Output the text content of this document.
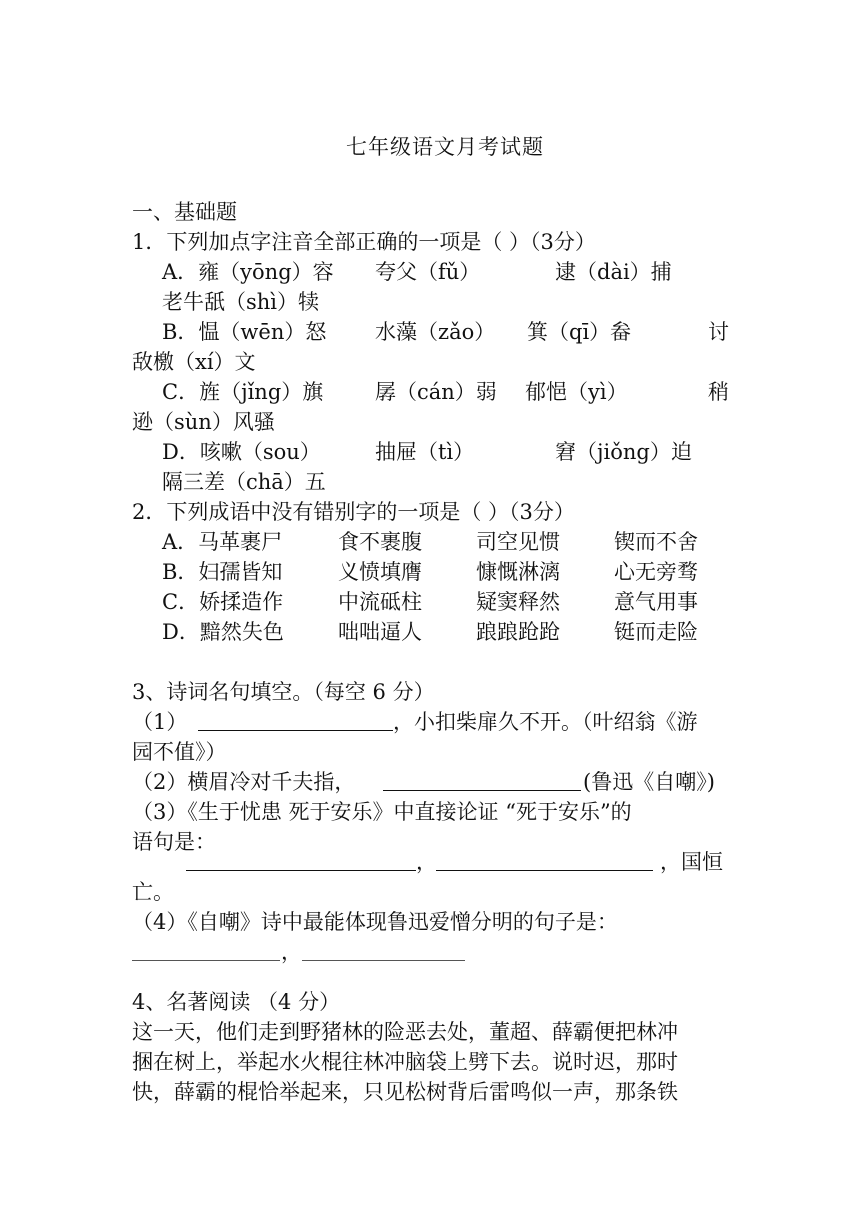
七年级语文月考试题
一、基础题
1．下列加点字注音全部正确的一项是（ ）（3分）
A．雍（yōng）容 夸父（fǔ）	逮（dài）捕
老牛舐（shì）犊
B．愠（wēn）怒 水藻（zǎo） 箕（qī）畚	讨
敌檄（xí）文
C．旌（jǐng）旗 孱（cán）弱 郁悒（yì）	稍
逊（sùn）风骚
D．咳嗽（sou）	抽屉（tì）	窘（jiǒng）迫
隔三差（chā）五
2．下列成语中没有错别字的一项是（ ）（3分）
A．马革裹尸	食不裹腹	司空见惯	锲而不舍
B．妇孺皆知	义愤填膺	慷慨淋漓	心无旁骛
C．娇揉造作	中流砥柱	疑窦释然	意气用事
D．黯然失色	咄咄逼人	踉踉跄跄	铤而走险
3、诗词名句填空。（每空 6 分）
（1）	，小扣柴扉久不开。（叶绍翁《游
园不值》）
（2）横眉冷对千夫指，	(鲁迅《自嘲》)
（3）《生于忧患 死于安乐》中直接论证 “死于安乐”的
语句是：
，	，国恒
亡。
（4）《自嘲》诗中最能体现鲁迅爱憎分明的句子是：
，
4、名著阅读 （4 分）
这一天，他们走到野猪林的险恶去处，董超、薛霸便把林冲
捆在树上，举起水火棍往林冲脑袋上劈下去。说时迟，那时
快，薛霸的棍恰举起来，只见松树背后雷鸣似一声，那条铁
